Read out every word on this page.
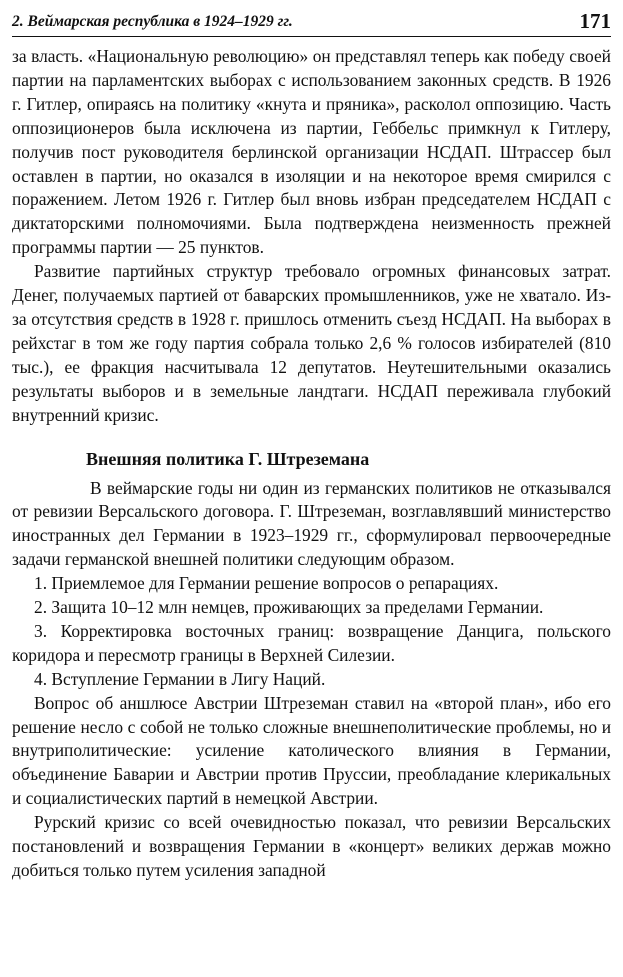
2. Веймарская республика в 1924–1929 гг.	171

за власть. «Национальную революцию» он представлял теперь как победу своей партии на парламентских выборах с использованием законных средств. В 1926 г. Гитлер, опираясь на политику «кнута и пряника», расколол оппозицию. Часть оппозиционеров была исключена из партии, Геббельс примкнул к Гитлеру, получив пост руководителя берлинской организации НСДАП. Штрассер был оставлен в партии, но оказался в изоляции и на некоторое время смирился с поражением. Летом 1926 г. Гитлер был вновь избран председателем НСДАП с диктаторскими полномочиями. Была подтверждена неизменность прежней программы партии — 25 пунктов.

Развитие партийных структур требовало огромных финансовых затрат. Денег, получаемых партией от баварских промышленников, уже не хватало. Из-за отсутствия средств в 1928 г. пришлось отменить съезд НСДАП. На выборах в рейхстаг в том же году партия собрала только 2,6 % голосов избирателей (810 тыс.), ее фракция насчитывала 12 депутатов. Неутешительными оказались результаты выборов и в земельные ландтаги. НСДАП переживала глубокий внутренний кризис.

Внешняя политика Г. Штреземана

В веймарские годы ни один из германских политиков не отказывался от ревизии Версальского договора. Г. Штреземан, возглавлявший министерство иностранных дел Германии в 1923–1929 гг., сформулировал первоочередные задачи германской внешней политики следующим образом.

1. Приемлемое для Германии решение вопросов о репарациях.

2. Защита 10–12 млн немцев, проживающих за пределами Германии.

3. Корректировка восточных границ: возвращение Данцига, польского коридора и пересмотр границы в Верхней Силезии.

4. Вступление Германии в Лигу Наций.

Вопрос об аншлюсе Австрии Штреземан ставил на «второй план», ибо его решение несло с собой не только сложные внешнеполитические проблемы, но и внутриполитические: усиление католического влияния в Германии, объединение Баварии и Австрии против Пруссии, преобладание клерикальных и социалистических партий в немецкой Австрии.

Рурский кризис со всей очевидностью показал, что ревизии Версальских постановлений и возвращения Германии в «концерт» великих держав можно добиться только путем усиления западной
